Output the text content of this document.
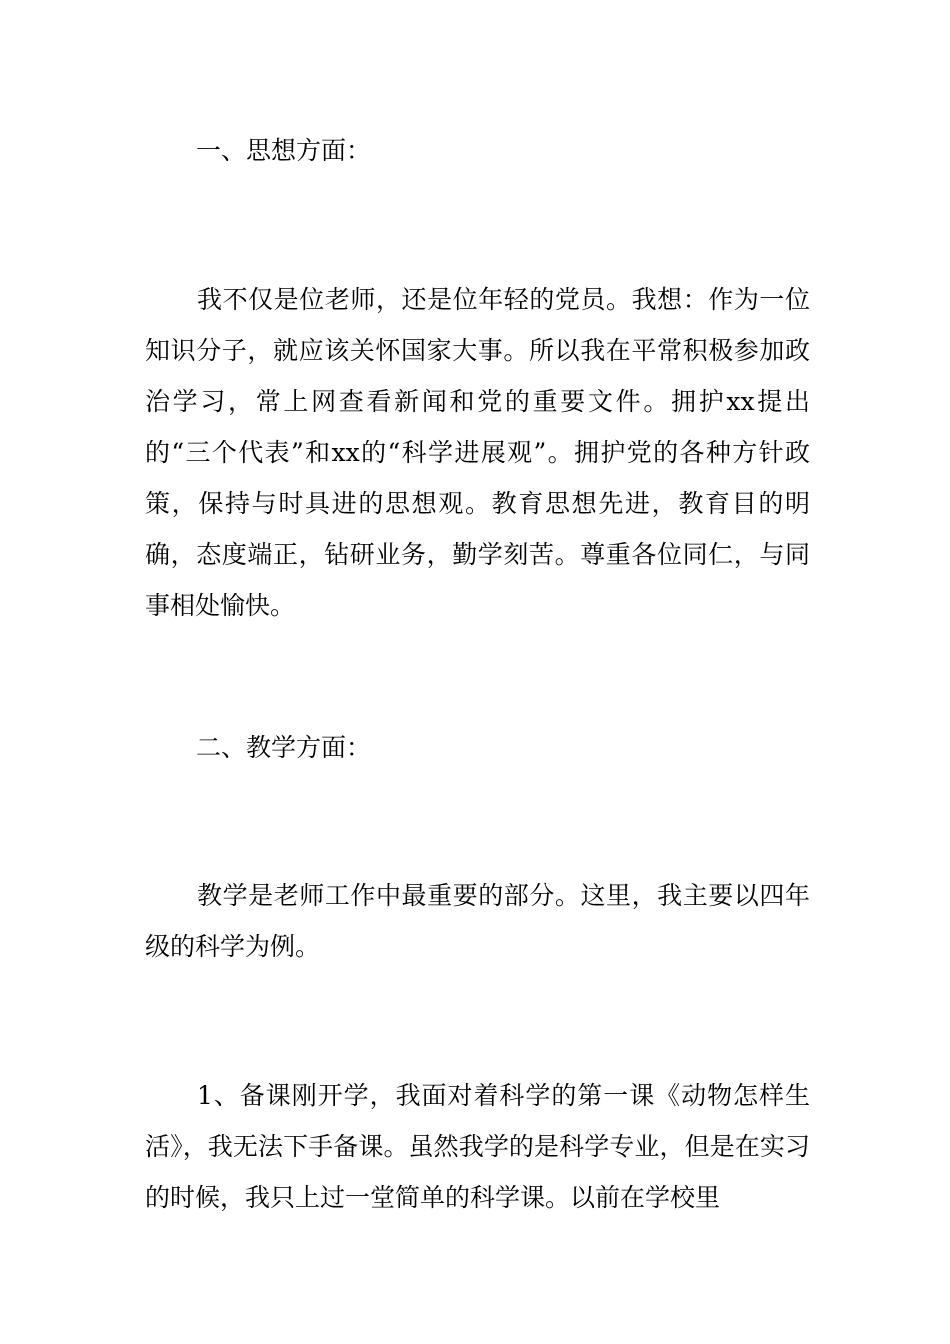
一、思想方面：

我不仅是位老师，还是位年轻的党员。我想：作为一位知识分子，就应该关怀国家大事。所以我在平常积极参加政治学习，常上网查看新闻和党的重要文件。拥护xx提出的“三个代表”和xx的“科学进展观”。拥护党的各种方针政策，保持与时具进的思想观。教育思想先进，教育目的明确，态度端正，钻研业务，勤学刻苦。尊重各位同仁，与同事相处愉快。

二、教学方面：

教学是老师工作中最重要的部分。这里，我主要以四年级的科学为例。

1、备课刚开学，我面对着科学的第一课《动物怎样生活》，我无法下手备课。虽然我学的是科学专业，但是在实习的时候，我只上过一堂简单的科学课。以前在学校里
